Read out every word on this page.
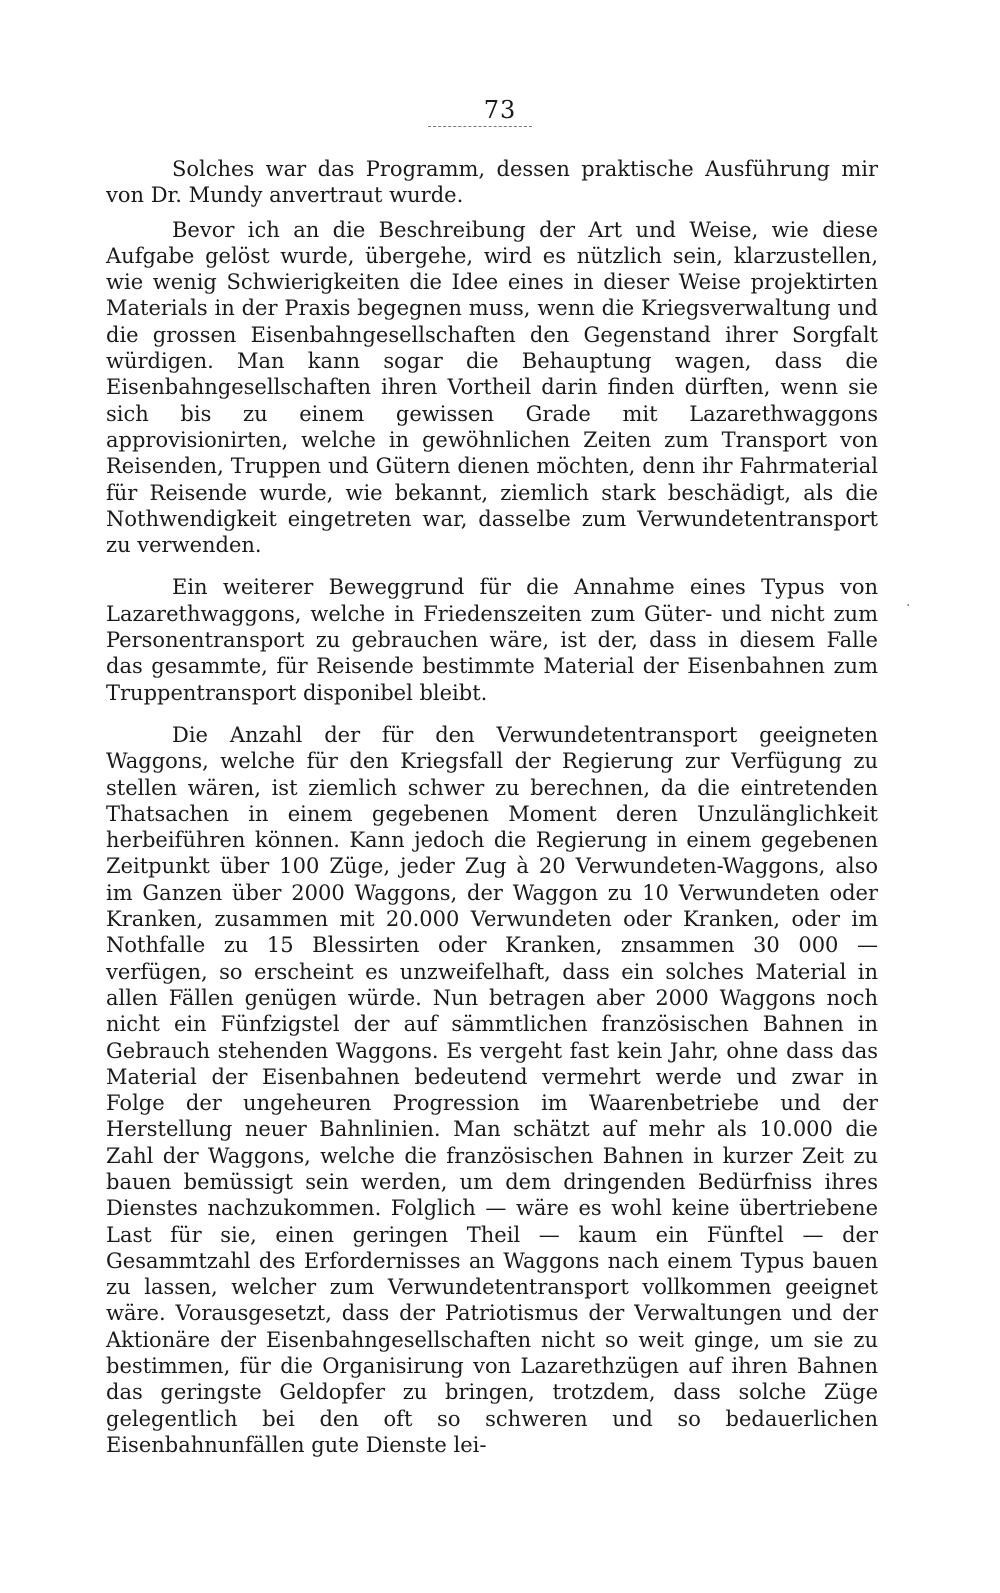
73
·

Solches war das Programm, dessen praktische Ausführung mir von Dr. Mundy anvertraut wurde.

Bevor ich an die Beschreibung der Art und Weise, wie diese Aufgabe gelöst wurde, übergehe, wird es nützlich sein, klarzustellen, wie wenig Schwierigkeiten die Idee eines in dieser Weise projektirten Materials in der Praxis begegnen muss, wenn die Kriegsverwaltung und die grossen Eisenbahngesellschaften den Gegenstand ihrer Sorgfalt würdigen. Man kann sogar die Behauptung wagen, dass die Eisenbahngesellschaften ihren Vortheil darin finden dürften, wenn sie sich bis zu einem gewissen Grade mit Lazarethwaggons approvisionirten, welche in gewöhnlichen Zeiten zum Transport von Reisenden, Truppen und Gütern dienen möchten, denn ihr Fahrmaterial für Reisende wurde, wie bekannt, ziemlich stark beschädigt, als die Nothwendigkeit eingetreten war, dasselbe zum Verwundetentransport zu verwenden.

Ein weiterer Beweggrund für die Annahme eines Typus von Lazarethwaggons, welche in Friedenszeiten zum Güter- und nicht zum Personentransport zu gebrauchen wäre, ist der, dass in diesem Falle das gesammte, für Reisende bestimmte Material der Eisenbahnen zum Truppentransport disponibel bleibt.

Die Anzahl der für den Verwundetentransport geeigneten Waggons, welche für den Kriegsfall der Regierung zur Verfügung zu stellen wären, ist ziemlich schwer zu berechnen, da die eintretenden Thatsachen in einem gegebenen Moment deren Unzulänglichkeit herbeiführen können. Kann jedoch die Regierung in einem gegebenen Zeitpunkt über 100 Züge, jeder Zug à 20 Verwundeten-Waggons, also im Ganzen über 2000 Waggons, der Waggon zu 10 Verwundeten oder Kranken, zusammen mit 20.000 Verwundeten oder Kranken, oder im Nothfalle zu 15 Blessirten oder Kranken, znsammen 30 000 — verfügen, so erscheint es unzweifelhaft, dass ein solches Material in allen Fällen genügen würde. Nun betragen aber 2000 Waggons noch nicht ein Fünfzigstel der auf sämmtlichen französischen Bahnen in Gebrauch stehenden Waggons. Es vergeht fast kein Jahr, ohne dass das Material der Eisenbahnen bedeutend vermehrt werde und zwar in Folge der ungeheuren Progression im Waarenbetriebe und der Herstellung neuer Bahnlinien. Man schätzt auf mehr als 10.000 die Zahl der Waggons, welche die französischen Bahnen in kurzer Zeit zu bauen bemüssigt sein werden, um dem dringenden Bedürfniss ihres Dienstes nachzukommen. Folglich — wäre es wohl keine übertriebene Last für sie, einen geringen Theil — kaum ein Fünftel — der Gesammtzahl des Erfordernisses an Waggons nach einem Typus bauen zu lassen, welcher zum Verwundetentransport vollkommen geeignet wäre. Vorausgesetzt, dass der Patriotismus der Verwaltungen und der Aktionäre der Eisenbahngesellschaften nicht so weit ginge, um sie zu bestimmen, für die Organisirung von Lazarethzügen auf ihren Bahnen das geringste Geldopfer zu bringen, trotzdem, dass solche Züge gelegentlich bei den oft so schweren und so bedauerlichen Eisenbahnunfällen gute Dienste lei-
